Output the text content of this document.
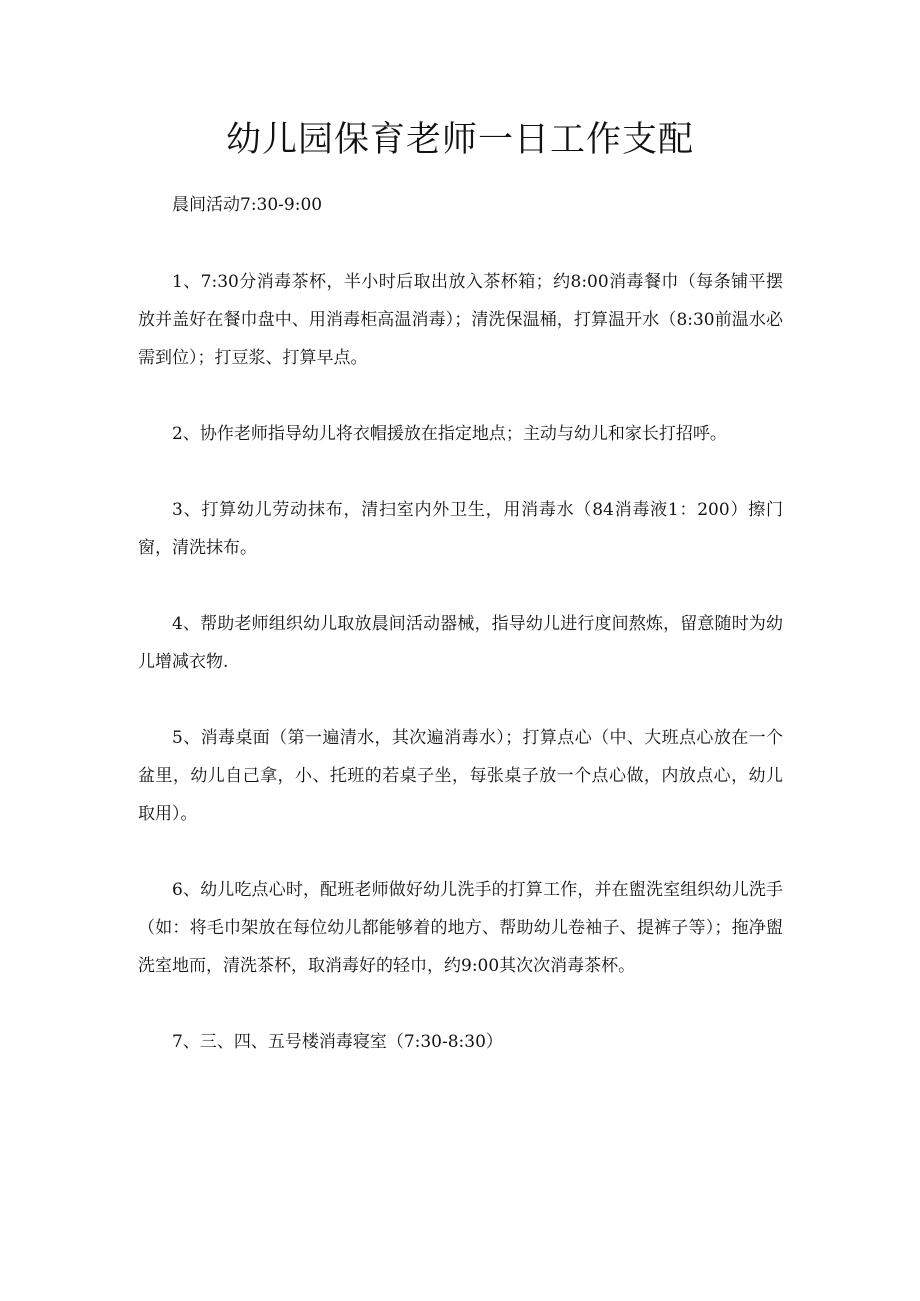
幼儿园保育老师一日工作支配

晨间活动7:30-9:00

1、7:30分消毒茶杯，半小时后取出放入茶杯箱；约8:00消毒餐巾（每条铺平摆放并盖好在餐巾盘中、用消毒柜高温消毒）；清洗保温桶，打算温开水（8:30前温水必需到位）；打豆浆、打算早点。

2、协作老师指导幼儿将衣帽援放在指定地点；主动与幼儿和家长打招呼。

3、打算幼儿劳动抹布，清扫室内外卫生，用消毒水（84消毒液1：200）擦门窗，清洗抹布。

4、帮助老师组织幼儿取放晨间活动器械，指导幼儿进行度间熬炼，留意随时为幼儿增减衣物.

5、消毒桌面（第一遍清水，其次遍消毒水）；打算点心（中、大班点心放在一个盆里，幼儿自己拿，小、托班的若桌子坐，每张桌子放一个点心做，内放点心，幼儿取用）。

6、幼儿吃点心时，配班老师做好幼儿洗手的打算工作，并在盥洗室组织幼儿洗手（如：将毛巾架放在每位幼儿都能够着的地方、帮助幼儿卷袖子、提裤子等）；拖净盥洗室地而，清洗茶杯，取消毒好的轻巾，约9:00其次次消毒茶杯。

7、三、四、五号楼消毒寝室（7:30-8:30）
